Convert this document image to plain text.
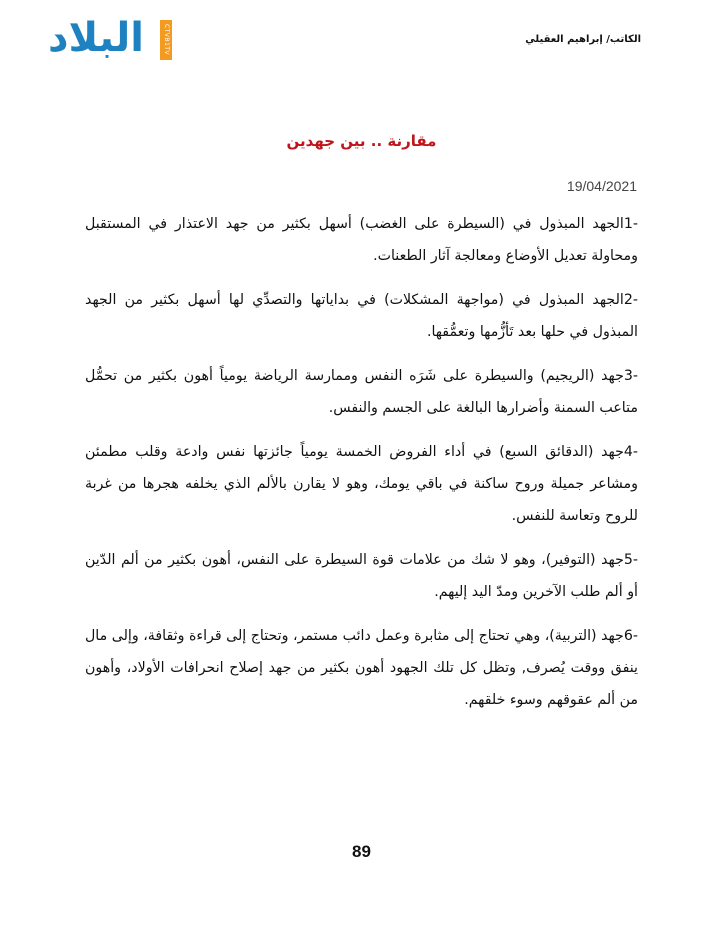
البلاد	CTVB1TV	الكاتب/ إبراهيم العقيلي
مقارنة .. بين جهدين
19/04/2021

-1الجهد المبذول في (السيطرة على الغضب) أسهل بكثير من جهد الاعتذار في المستقبل ومحاولة تعديل الأوضاع ومعالجة آثار الطعنات.

-2الجهد المبذول في (مواجهة المشكلات) في بداياتها والتصدِّي لها أسهل بكثير من الجهد المبذول في حلها بعد تَأزُّمها وتعمُّقها.

-3جهد (الريجيم) والسيطرة على شَرَه النفس وممارسة الرياضة يومياً أهون بكثير من تحمُّل متاعب السمنة وأضرارها البالغة على الجسم والنفس.

-4جهد (الدقائق السبع) في أداء الفروض الخمسة يومياً جائزتها نفس وادعة وقلب مطمئن ومشاعر جميلة وروح ساكنة في باقي يومك، وهو لا يقارن بالألم الذي يخلفه هجرها من غربة للروح وتعاسة للنفس.

-5جهد (التوفير)، وهو لا شك من علامات قوة السيطرة على النفس، أهون بكثير من ألم الدّين أو ألم طلب الآخرين ومدّ اليد إليهم.

-6جهد (التربية)، وهي تحتاج إلى مثابرة وعمل دائب مستمر، وتحتاج إلى قراءة وثقافة، وإلى مال ينفق ووقت يُصرف, وتظل كل تلك الجهود أهون بكثير من جهد إصلاح انحرافات الأولاد، وأهون من ألم عقوقهم وسوء خلقهم.

89
